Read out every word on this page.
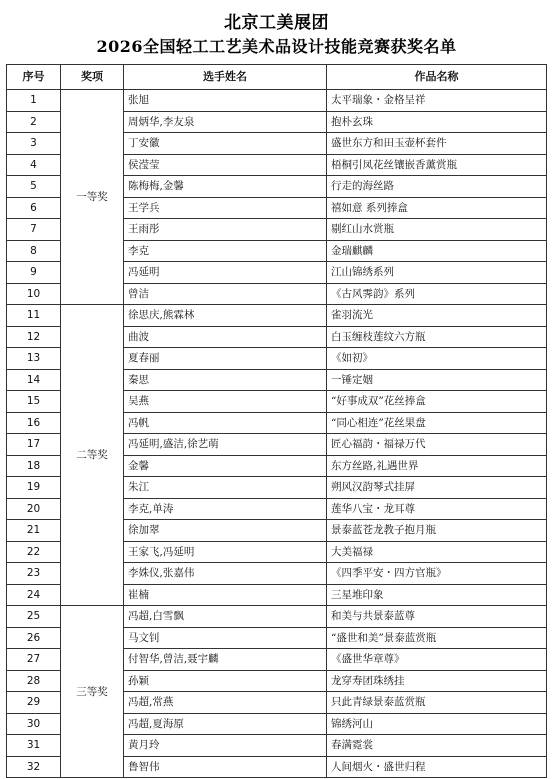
北京工美展团
2026全国轻工工艺美术品设计技能竞赛获奖名单
序号	奖项	选手姓名	作品名称
1	一等奖	张旭	太平瑞象・金格呈祥
2		周炳华,李友泉	抱朴玄珠
3		丁安徽	盛世东方和田玉壶杯套件
4		侯滢莹	梧桐引凤花丝镶嵌香薰赏瓶
5		陈梅梅,金馨	行走的海丝路
6		王学兵	禧如意 系列捧盒
7		王雨彤	剔红山水赏瓶
8		李克	金瑞麒麟
9		冯延明	江山锦绣系列
10		曾洁	《古风霁韵》系列
11	二等奖	徐思庆,熊霖林	雀羽流光
12		曲波	白玉缠枝莲纹六方瓶
13		夏春丽	《如初》
14		秦思	一锤定姻
15		吴燕	“好事成双”花丝捧盒
16		冯帆	“同心相连”花丝果盘
17		冯延明,盛洁,徐艺萌	匠心福韵・福禄万代
18		金馨	东方丝路,礼遇世界
19		朱江	朔风汉韵琴式挂屏
20		李克,单涛	莲华八宝・龙耳尊
21		徐加翠	景泰蓝苍龙教子抱月瓶
22		王家飞,冯延明	大美福禄
23		李姝仪,张嘉伟	《四季平安・四方官瓶》
24		崔楠	三星堆印象
25	三等奖	冯超,白雪飘	和美与共景泰蓝尊
26		马文钊	“盛世和美”景泰蓝赏瓶
27		付智华,曾洁,聂宇麟	《盛世华章尊》
28		孙颖	龙穿寿团珠绣挂
29		冯超,常燕	只此青绿景泰蓝赏瓶
30		冯超,夏海原	锦绣河山
31		黄月玲	春满霓裳
32		鲁智伟	人间烟火・盛世归程
